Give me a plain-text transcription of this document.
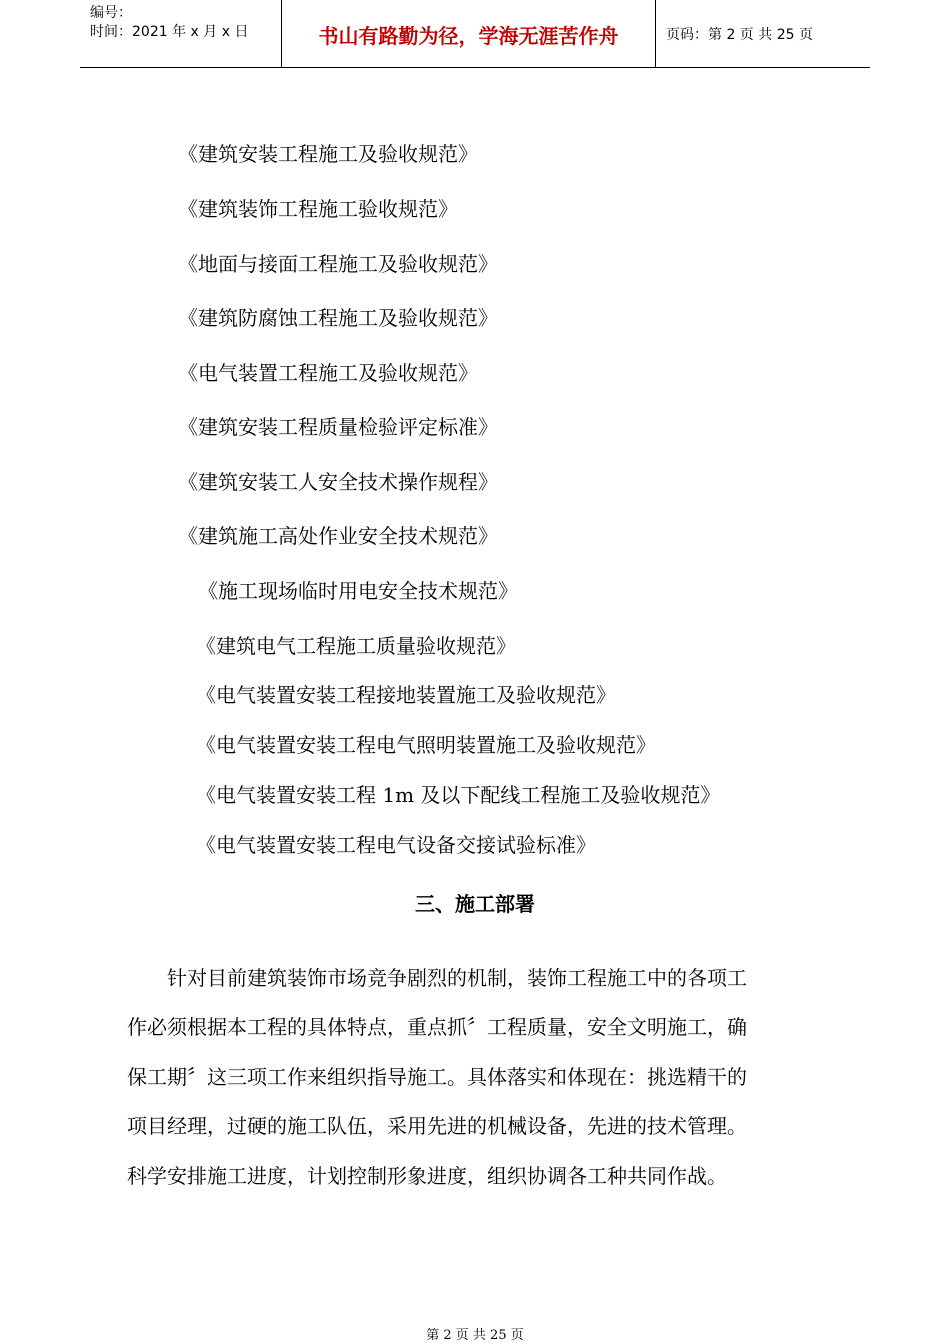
编号：
时间：2021 年 x 月 x 日	书山有路勤为径，学海无涯苦作舟	页码：第 2 页 共 25 页
《建筑安装工程施工及验收规范》
《建筑装饰工程施工验收规范》
《地面与接面工程施工及验收规范》
《建筑防腐蚀工程施工及验收规范》
《电气装置工程施工及验收规范》
《建筑安装工程质量检验评定标准》
《建筑安装工人安全技术操作规程》
《建筑施工高处作业安全技术规范》
《施工现场临时用电安全技术规范》
《建筑电气工程施工质量验收规范》
《电气装置安装工程接地装置施工及验收规范》
《电气装置安装工程电气照明装置施工及验收规范》
《电气装置安装工程 1m 及以下配线工程施工及验收规范》
《电气装置安装工程电气设备交接试验标准》
三、施工部署
针对目前建筑装饰市场竞争剧烈的机制，装饰工程施工中的各项工
作必须根据本工程的具体特点，重点抓〞工程质量，安全文明施工，确
保工期〞这三项工作来组织指导施工。具体落实和体现在：挑选精干的
项目经理，过硬的施工队伍，采用先进的机械设备，先进的技术管理。
科学安排施工进度，计划控制形象进度，组织协调各工种共同作战。
第 2 页 共 25 页
